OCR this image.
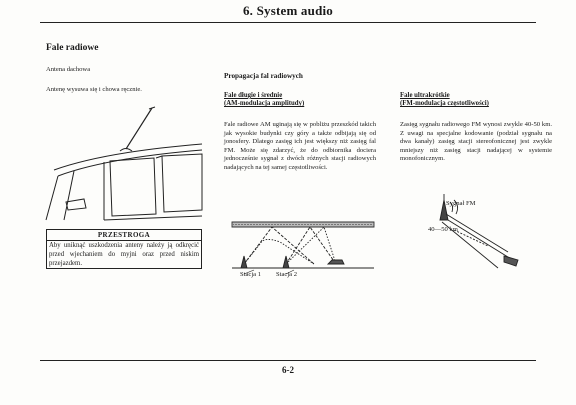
6. System audio
Fale radiowe
Antena dachowa
Antenę wysuwa się i chowa ręcznie.
PRZESTROGA
Aby uniknąć uszkodzenia anteny należy ją odkręcić przed wjechaniem do myjni oraz przed niskim przejazdem.
Propagacja fal radiowych
Fale długie i średnie
(AM-modulacja amplitudy)
Fale radiowe AM uginają się w pobliżu przeszkód takich jak wysokie budynki czy góry a także odbijają się od jonosfery. Dlatego zasięg ich jest większy niż zasięg fal FM. Może się zdarzyć, że do odbiornika dociera jednocześnie sygnał z dwóch różnych stacji radiowych nadających na tej samej częstotliwości.
Stacja 1 Stacja 2
Fale ultrakrótkie
(FM-modulacja częstotliwości)
Zasięg sygnału radiowego FM wynosi zwykle 40-50 km. Z uwagi na specjalne kodowanie (podział sygnału na dwa kanały) zasięg stacji stereofonicznej jest zwykle mniejszy niż zasięg stacji nadającej w systemie monofonicznym.
Sygnał FM
40—50 km
6-2
